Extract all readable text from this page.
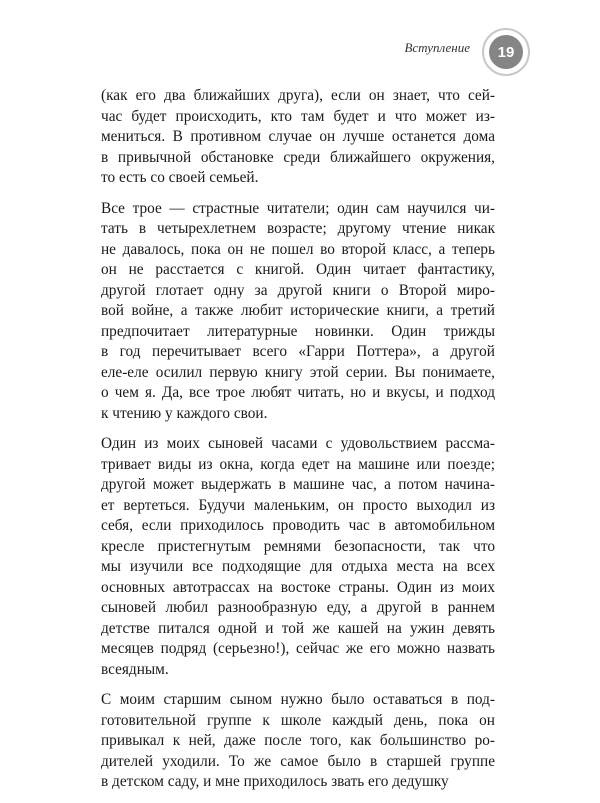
Вступление	19

(как его два ближайших друга), если он знает, что сей-
час будет происходить, кто там будет и что может из-
мениться. В противном случае он лучше останется дома
в привычной обстановке среди ближайшего окружения,
то есть со своей семьей.

Все трое — страстные читатели; один сам научился чи-
тать в четырехлетнем возрасте; другому чтение никак
не давалось, пока он не пошел во второй класс, а теперь
он не расстается с книгой. Один читает фантастику,
другой глотает одну за другой книги о Второй миро-
вой войне, а также любит исторические книги, а третий
предпочитает литературные новинки. Один трижды
в год перечитывает всего «Гарри Поттера», а другой
еле-еле осилил первую книгу этой серии. Вы понимаете,
о чем я. Да, все трое любят читать, но и вкусы, и подход
к чтению у каждого свои.

Один из моих сыновей часами с удовольствием рассма-
тривает виды из окна, когда едет на машине или поезде;
другой может выдержать в машине час, а потом начина-
ет вертеться. Будучи маленьким, он просто выходил из
себя, если приходилось проводить час в автомобильном
кресле пристегнутым ремнями безопасности, так что
мы изучили все подходящие для отдыха места на всех
основных автотрассах на востоке страны. Один из моих
сыновей любил разнообразную еду, а другой в раннем
детстве питался одной и той же кашей на ужин девять
месяцев подряд (серьезно!), сейчас же его можно назвать
всеядным.

С моим старшим сыном нужно было оставаться в под-
готовительной группе к школе каждый день, пока он
привыкал к ней, даже после того, как большинство ро-
дителей уходили. То же самое было в старшей группе
в детском саду, и мне приходилось звать его дедушку
